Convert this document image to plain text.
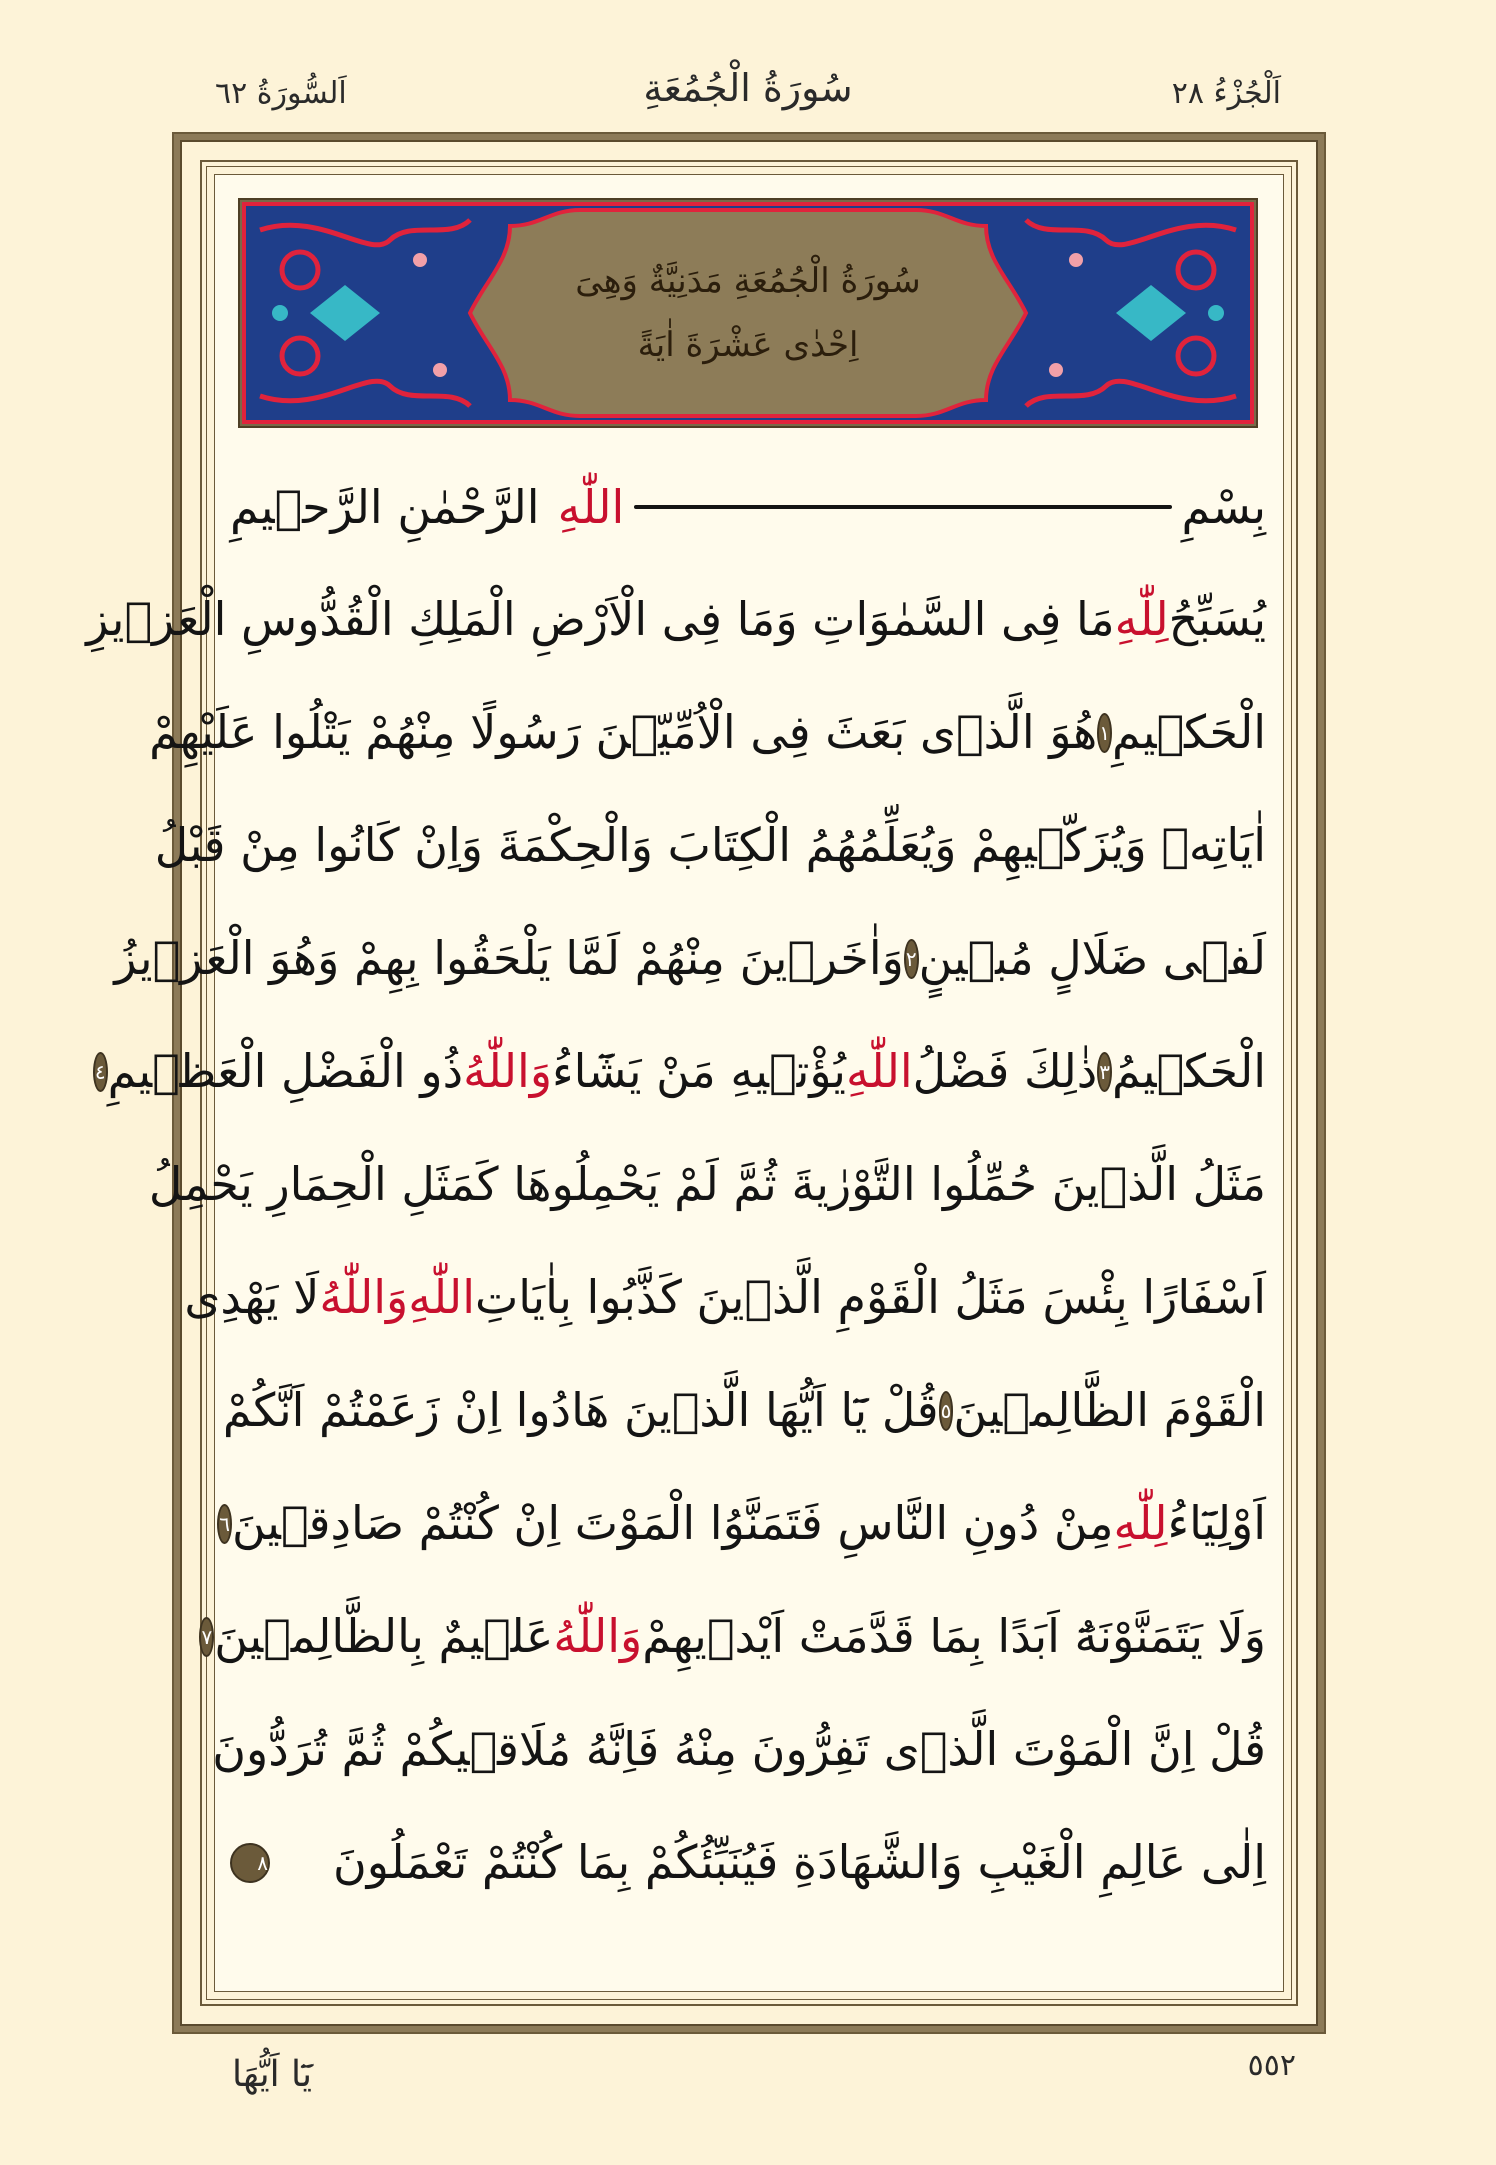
اَلْجُزْءُ ٢٨
سُورَةُ الْجُمُعَةِ
اَلسُّورَةُ ٦٢
سُورَةُ الْجُمُعَةِ مَدَنِيَّةٌ وَهِىَ
اِحْدٰى عَشْرَةَ اٰيَةً
بِسْمِ
اللّٰهِ
الرَّحْمٰنِ الرَّح۪يمِ
يُسَبِّحُ
لِلّٰهِ
مَا فِى السَّمٰوَاتِ وَمَا فِى الْاَرْضِ الْمَلِكِ الْقُدُّوسِ الْعَز۪يزِ
الْحَك۪يمِ
١
هُوَ الَّذ۪ى بَعَثَ فِى الْاُمِّيّ۪نَ رَسُولًا مِنْهُمْ يَتْلُوا عَلَيْهِمْ
اٰيَاتِه۪ وَيُزَكّ۪يهِمْ وَيُعَلِّمُهُمُ الْكِتَابَ وَالْحِكْمَةَ وَاِنْ كَانُوا مِنْ قَبْلُ
لَف۪ى ضَلَالٍ مُب۪ينٍ
٢
وَاٰخَر۪ينَ مِنْهُمْ لَمَّا يَلْحَقُوا بِهِمْ وَهُوَ الْعَز۪يزُ
الْحَك۪يمُ
٣
ذٰلِكَ فَضْلُ
اللّٰهِ
يُؤْت۪يهِ مَنْ يَشَٓاءُ
وَاللّٰهُ
ذُو الْفَضْلِ الْعَظ۪يمِ
٤
مَثَلُ الَّذ۪ينَ حُمِّلُوا التَّوْرٰيةَ ثُمَّ لَمْ يَحْمِلُوهَا كَمَثَلِ الْحِمَارِ يَحْمِلُ
اَسْفَارًا بِئْسَ مَثَلُ الْقَوْمِ الَّذ۪ينَ كَذَّبُوا بِاٰيَاتِ
اللّٰهِ
وَاللّٰهُ
لَا يَهْدِى
الْقَوْمَ الظَّالِم۪ينَ
٥
قُلْ يَٓا اَيُّهَا الَّذ۪ينَ هَادُوا اِنْ زَعَمْتُمْ اَنَّكُمْ
اَوْلِيَٓاءُ
لِلّٰهِ
مِنْ دُونِ النَّاسِ فَتَمَنَّوُا الْمَوْتَ اِنْ كُنْتُمْ صَادِق۪ينَ
٦
وَلَا يَتَمَنَّوْنَهُٓ اَبَدًا بِمَا قَدَّمَتْ اَيْد۪يهِمْ
وَاللّٰهُ
عَل۪يمٌ بِالظَّالِم۪ينَ
٧
قُلْ اِنَّ الْمَوْتَ الَّذ۪ى تَفِرُّونَ مِنْهُ فَاِنَّهُ مُلَاق۪يكُمْ ثُمَّ تُرَدُّونَ
اِلٰى عَالِمِ الْغَيْبِ وَالشَّهَادَةِ فَيُنَبِّئُكُمْ بِمَا كُنْتُمْ تَعْمَلُونَ
٨
٥٥٢
يَٓا اَيُّهَا
